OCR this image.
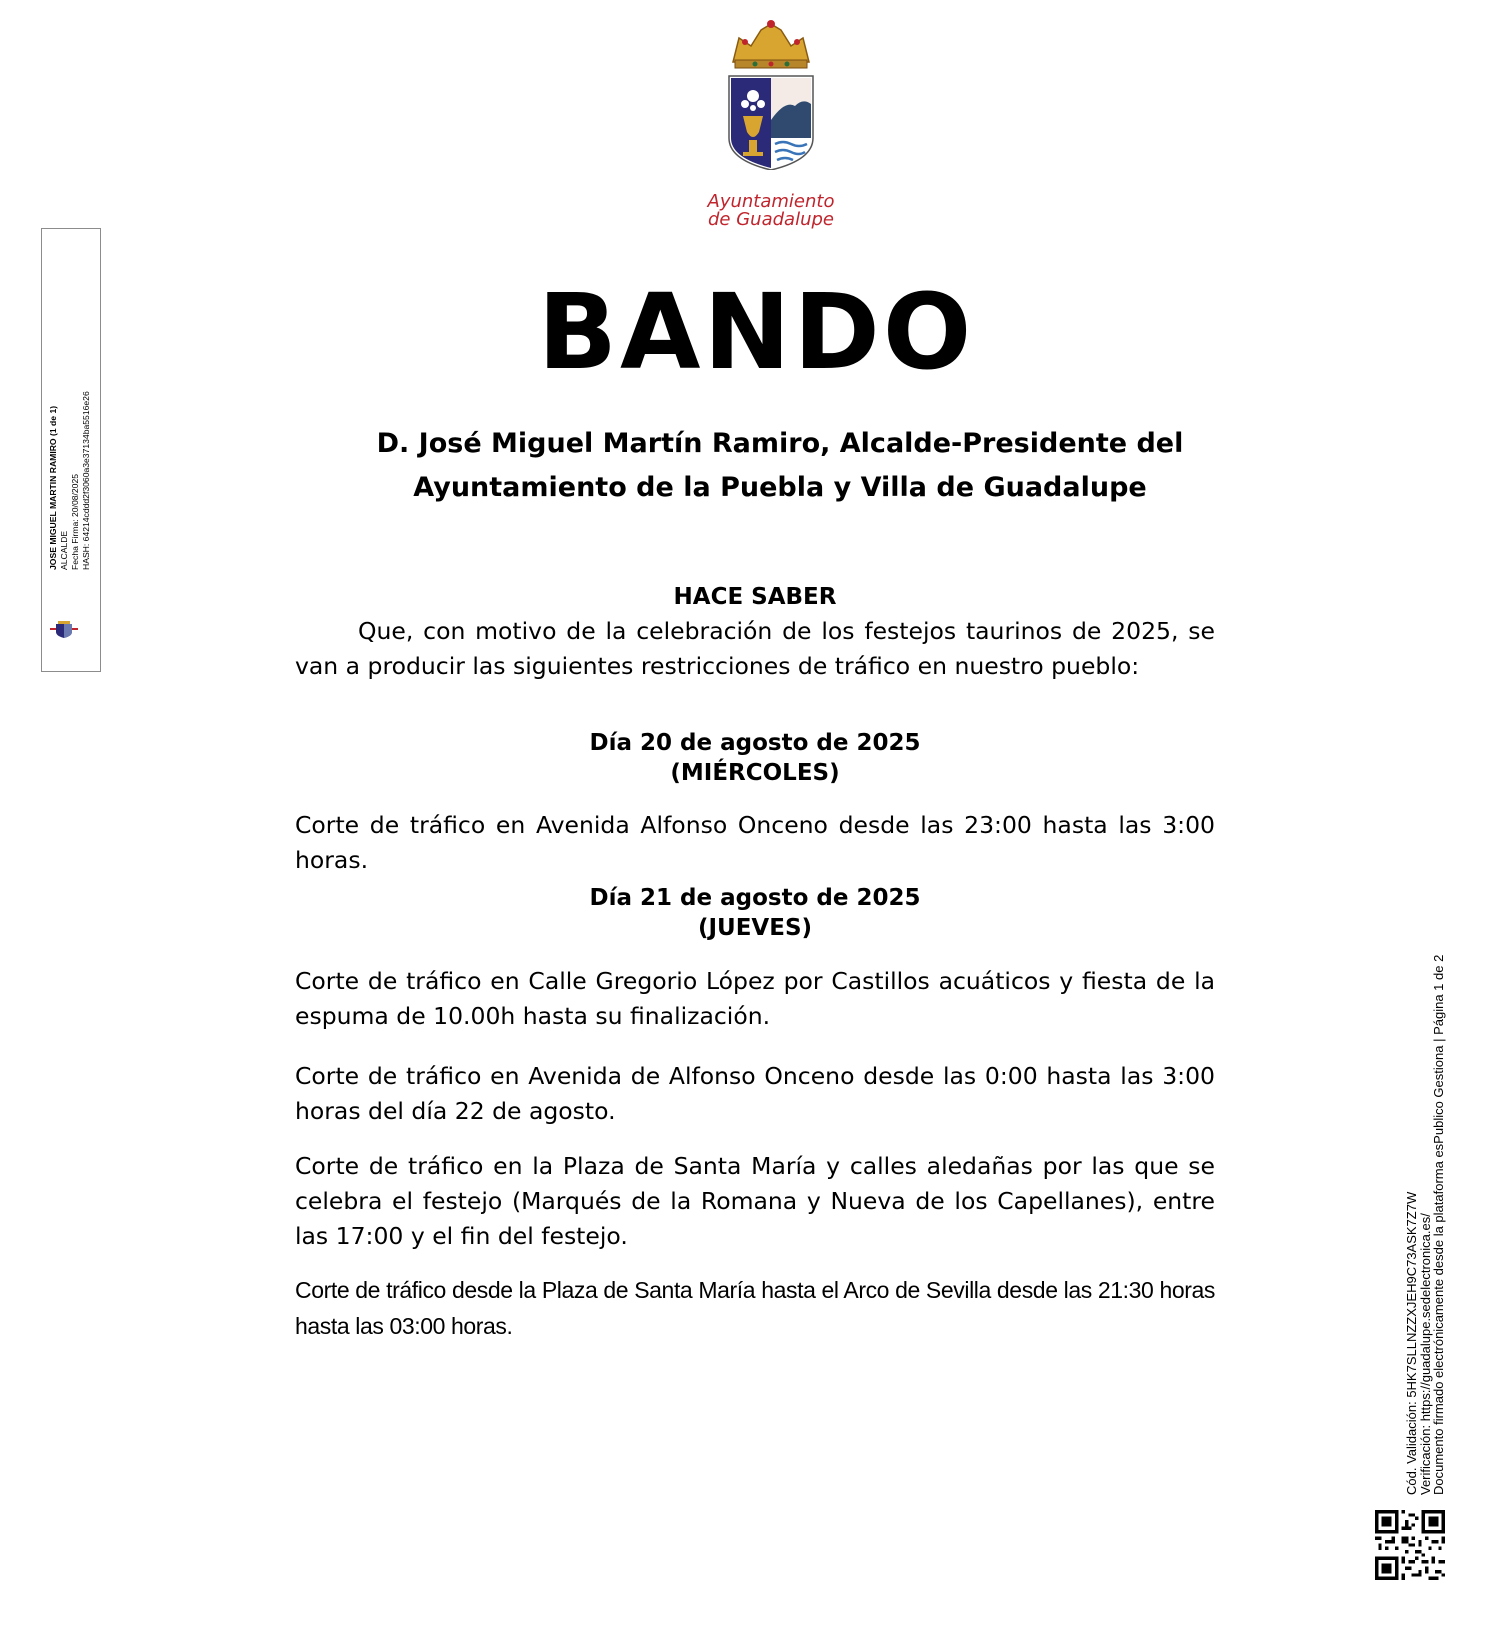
Ayuntamiento
de Guadalupe
JOSE MIGUEL MARTIN RAMIRO (1 de 1) ALCALDE Fecha Firma: 20/08/2025 HASH: 64214cddd2f3060a3e37134ba5516e26
BANDO
D. José Miguel Martín Ramiro, Alcalde-Presidente del
Ayuntamiento de la Puebla y Villa de Guadalupe
HACE SABER
Que, con motivo de la celebración de los festejos taurinos de 2025, se van a producir las siguientes restricciones de tráfico en nuestro pueblo:
Día 20 de agosto de 2025
(MIÉRCOLES)
Corte de tráfico en Avenida Alfonso Onceno desde las 23:00 hasta las 3:00 horas.
Día 21 de agosto de 2025
(JUEVES)
Corte de tráfico en Calle Gregorio López por Castillos acuáticos y fiesta de la espuma de 10.00h hasta su finalización.
Corte de tráfico en Avenida de Alfonso Onceno desde las 0:00 hasta las 3:00 horas del día 22 de agosto.
Corte de tráfico en la Plaza de Santa María y calles aledañas por las que se celebra el festejo (Marqués de la Romana y Nueva de los Capellanes), entre las 17:00 y el fin del festejo.
Corte de tráfico desde la Plaza de Santa María hasta el Arco de Sevilla desde las 21:30 horas hasta las 03:00 horas.	Cód. Validación: 5HK7SLLNZZXJEH9C73ASK7Z7W
Verificación: https://guadalupe.sedelectronica.es/
Documento firmado electrónicamente desde la plataforma esPublico Gestiona | Página 1 de 2
